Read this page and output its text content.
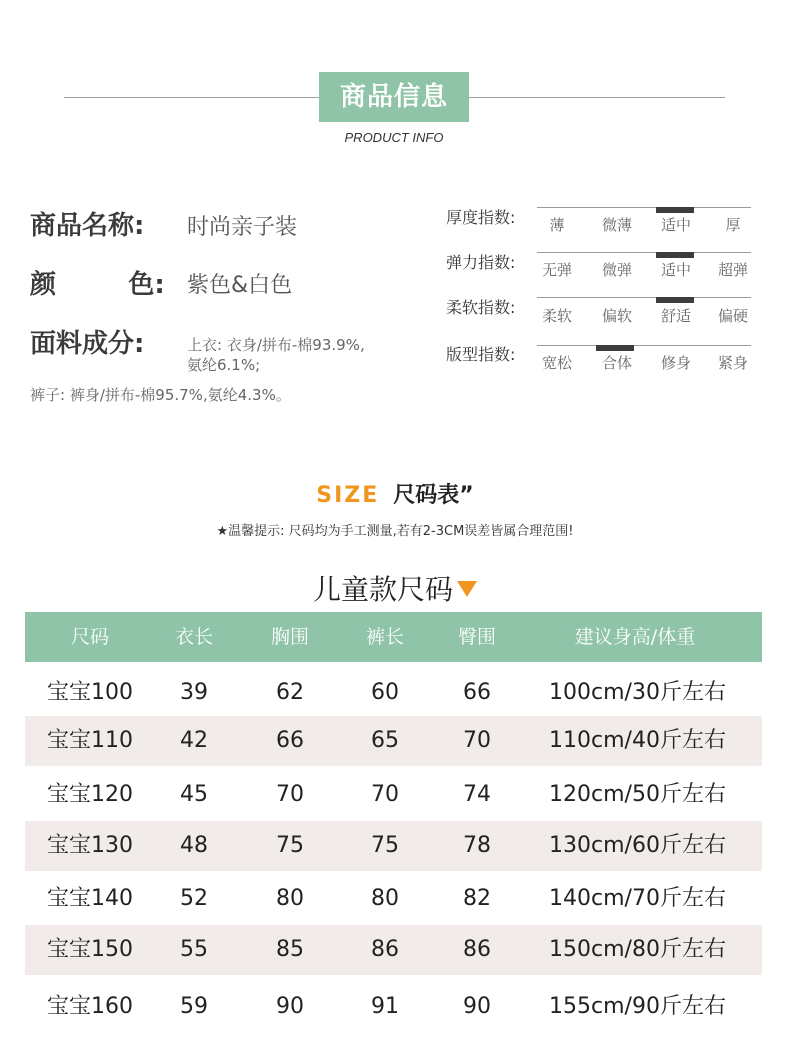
商品信息
PRODUCT INFO
商品名称: 时尚亲子装
颜        色: 紫色&白色
面料成分:	上衣: 衣身/拼布-棉93.9%,
氨纶6.1%;
裤子: 裤身/拼布-棉95.7%,氨纶4.3%。
厚度指数:	薄	微薄	适中	厚
弹力指数:	无弹	微弹	适中	超弹
柔软指数:	柔软	偏软	舒适	偏硬
版型指数:	宽松	合体	修身	紧身
SIZE 尺码表”
★温馨提示: 尺码均为手工测量,若有2-3CM误差皆属合理范围!
儿童款尺码
尺码	衣长	胸围	裤长	臀围	建议身高/体重
宝宝100	39	62	60	66	100cm/30斤左右
宝宝110	42	66	65	70	110cm/40斤左右
宝宝120	45	70	70	74	120cm/50斤左右
宝宝130	48	75	75	78	130cm/60斤左右
宝宝140	52	80	80	82	140cm/70斤左右
宝宝150	55	85	86	86	150cm/80斤左右
宝宝160	59	90	91	90	155cm/90斤左右
